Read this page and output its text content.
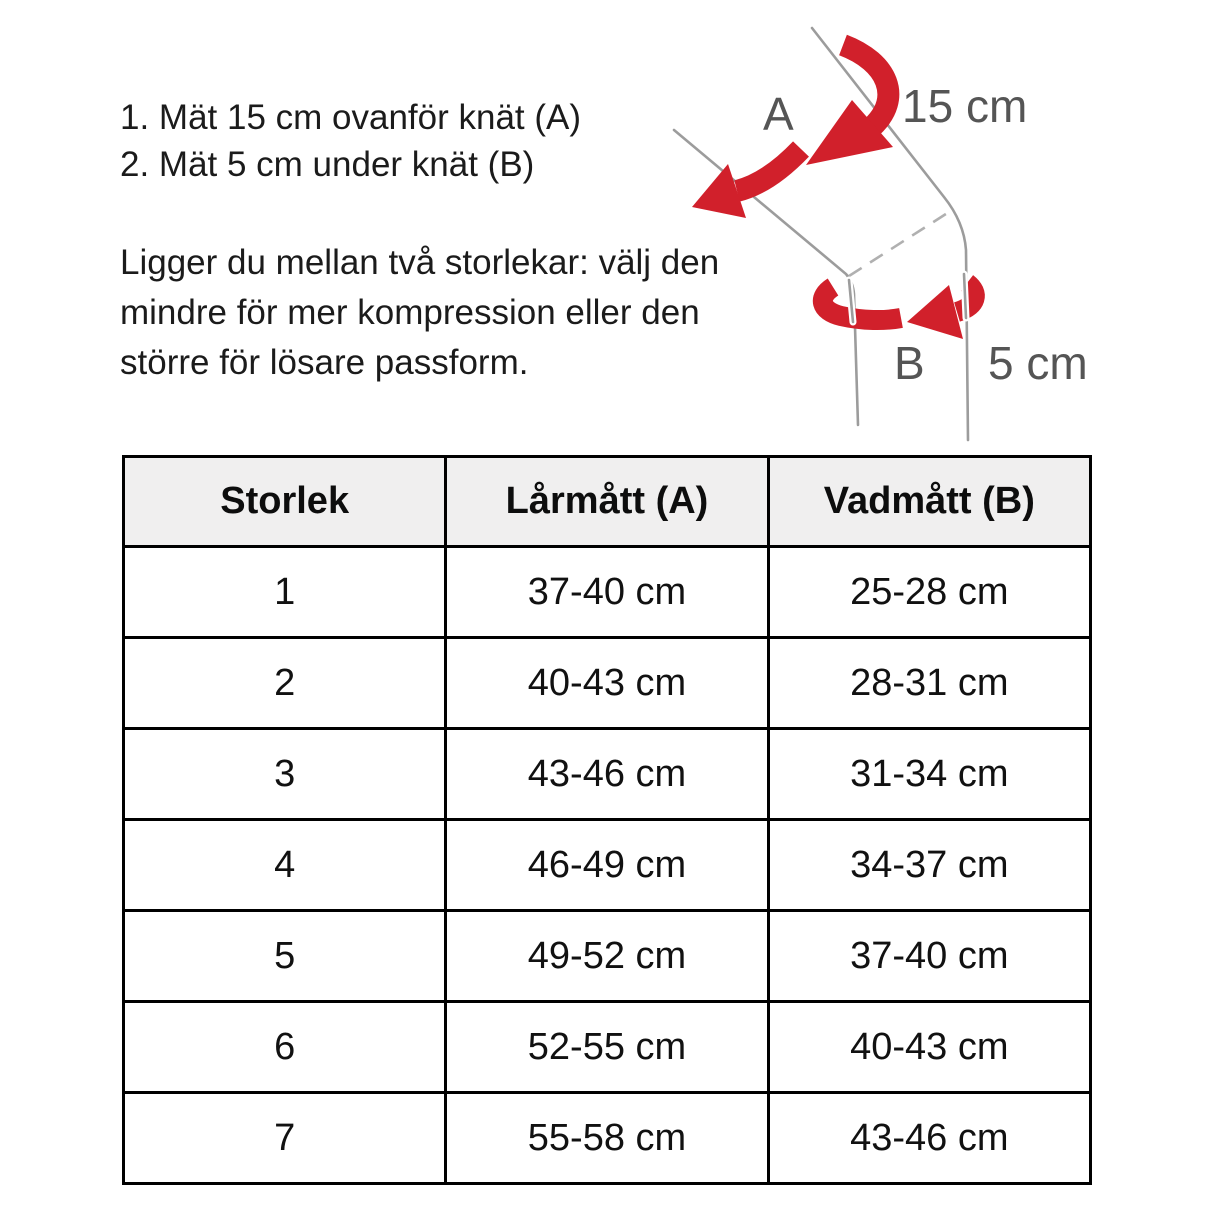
1. Mät 15 cm ovanför knät (A)
2. Mät 5 cm under knät (B)
Ligger du mellan två storlekar: välj den mindre för mer kompression eller den större för lösare passform.
A 15 cm
B 5 cm
Storlek	Lårmått (A)	Vadmått (B)
1	37-40 cm	25-28 cm
2	40-43 cm	28-31 cm
3	43-46 cm	31-34 cm
4	46-49 cm	34-37 cm
5	49-52 cm	37-40 cm
6	52-55 cm	40-43 cm
7	55-58 cm	43-46 cm
